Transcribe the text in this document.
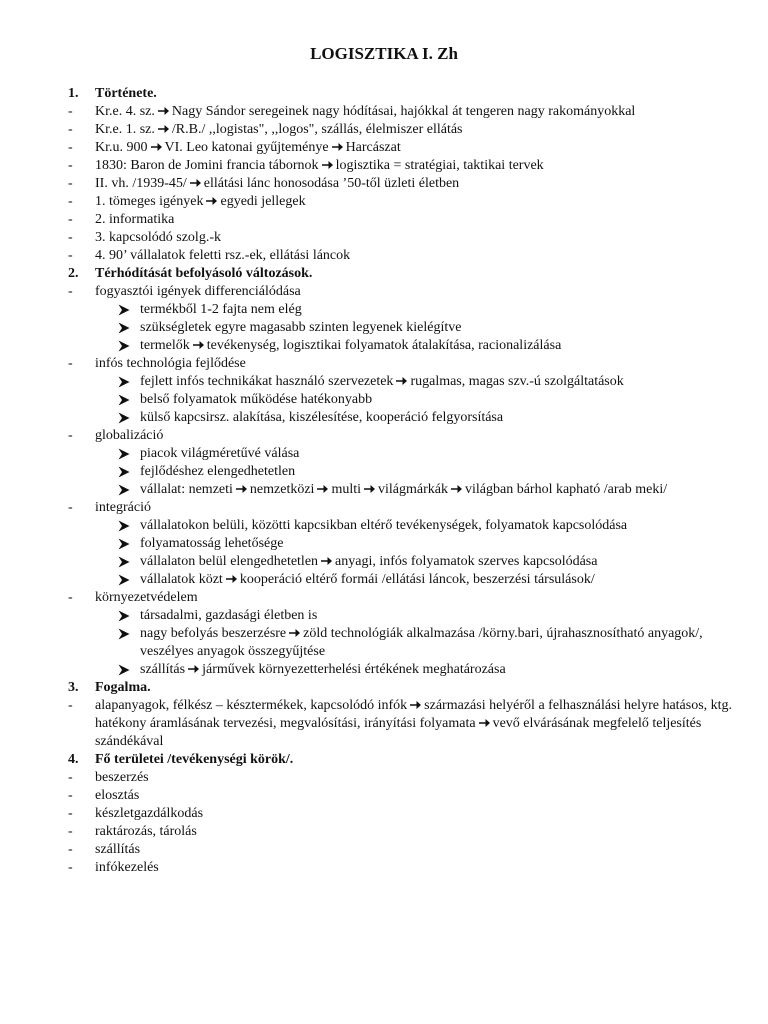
LOGISZTIKA I. Zh
1. Története.
- Kr.e. 4. sz. Nagy Sándor seregeinek nagy hódításai, hajókkal át tengeren nagy rakományokkal
- Kr.e. 1. sz. /R.B./ ,,logistas", ,,logos", szállás, élelmiszer ellátás
- Kr.u. 900 VI. Leo katonai gyűjteménye Harcászat
- 1830: Baron de Jomini francia tábornok logisztika = stratégiai, taktikai tervek
- II. vh. /1939-45/ ellátási lánc honosodása ’50-től üzleti életben
- 1. tömeges igények egyedi jellegek
- 2. informatika
- 3. kapcsolódó szolg.-k
- 4. 90’ vállalatok feletti rsz.-ek, ellátási láncok
2. Térhódítását befolyásoló változások.
- fogyasztói igények differenciálódása
termékből 1-2 fajta nem elég
szükségletek egyre magasabb szinten legyenek kielégítve
termelők tevékenység, logisztikai folyamatok átalakítása, racionalizálása
- infós technológia fejlődése
fejlett infós technikákat használó szervezetek rugalmas, magas szv.-ú szolgáltatások
belső folyamatok működése hatékonyabb
külső kapcsirsz. alakítása, kiszélesítése, kooperáció felgyorsítása
- globalizáció
piacok világméretűvé válása
fejlődéshez elengedhetetlen
vállalat: nemzeti nemzetközi multi világmárkák világban bárhol kapható /arab meki/
- integráció
vállalatokon belüli, közötti kapcsikban eltérő tevékenységek, folyamatok kapcsolódása
folyamatosság lehetősége
vállalaton belül elengedhetetlen anyagi, infós folyamatok szerves kapcsolódása
vállalatok közt kooperáció eltérő formái /ellátási láncok, beszerzési társulások/
- környezetvédelem
társadalmi, gazdasági életben is
nagy befolyás beszerzésre zöld technológiák alkalmazása /körny.bari, újrahasznosítható anyagok/, veszélyes anyagok összegyűjtése
szállítás járművek környezetterhelési értékének meghatározása
3. Fogalma.
- alapanyagok, félkész – késztermékek, kapcsolódó infók származási helyéről a felhasználási helyre hatásos, ktg. hatékony áramlásának tervezési, megvalósítási, irányítási folyamata vevő elvárásának megfelelő teljesítés szándékával
4. Fő területei /tevékenységi körök/.
- beszerzés
- elosztás
- készletgazdálkodás
- raktározás, tárolás
- szállítás
- infókezelés
